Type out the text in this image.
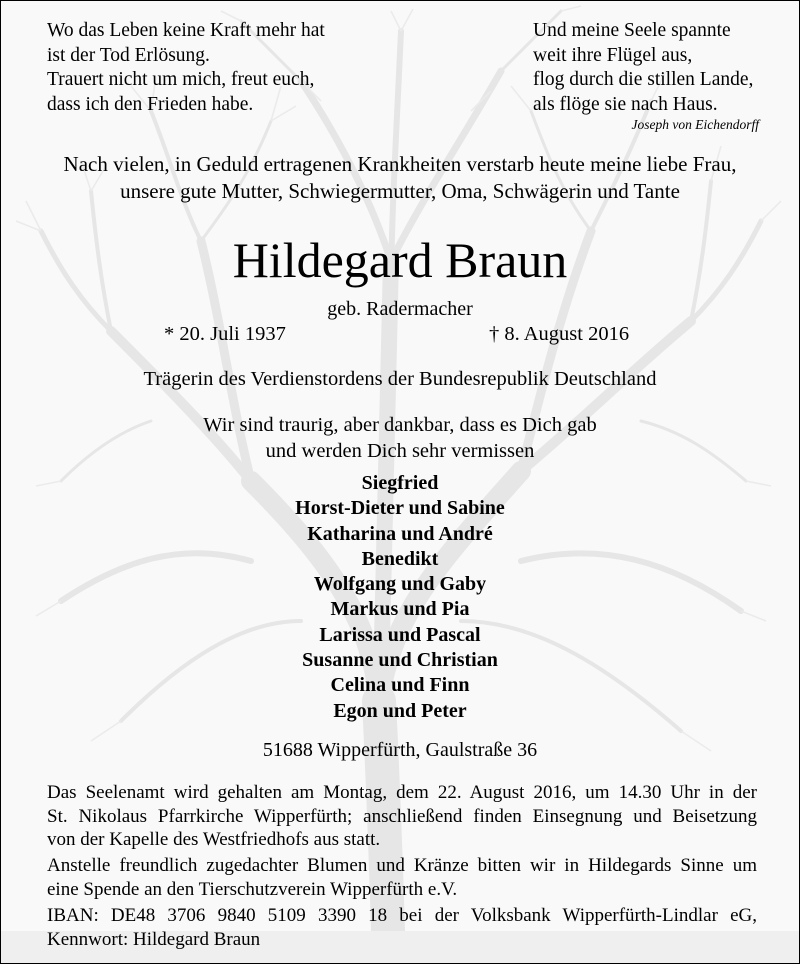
Wo das Leben keine Kraft mehr hat
ist der Tod Erlösung.
Trauert nicht um mich, freut euch,
dass ich den Frieden habe.
Und meine Seele spannte
weit ihre Flügel aus,
flog durch die stillen Lande,
als flöge sie nach Haus.
Joseph von Eichendorff
Nach vielen, in Geduld ertragenen Krankheiten verstarb heute meine liebe Frau,
unsere gute Mutter, Schwiegermutter, Oma, Schwägerin und Tante
Hildegard Braun
geb. Radermacher
* 20. Juli 1937	† 8. August 2016
Trägerin des Verdienstordens der Bundesrepublik Deutschland
Wir sind traurig, aber dankbar, dass es Dich gab
und werden Dich sehr vermissen
Siegfried
Horst-Dieter und Sabine
Katharina und André
Benedikt
Wolfgang und Gaby
Markus und Pia
Larissa und Pascal
Susanne und Christian
Celina und Finn
Egon und Peter
51688 Wipperfürth, Gaulstraße 36
Das Seelenamt wird gehalten am Montag, dem 22. August 2016, um 14.30 Uhr in der
St. Nikolaus Pfarrkirche Wipperfürth; anschließend finden Einsegnung und Beisetzung
von der Kapelle des Westfriedhofs aus statt.
Anstelle freundlich zugedachter Blumen und Kränze bitten wir in Hildegards Sinne um
eine Spende an den Tierschutzverein Wipperfürth e.V.
IBAN: DE48 3706 9840 5109 3390 18 bei der Volksbank Wipperfürth-Lindlar eG,
Kennwort: Hildegard Braun
